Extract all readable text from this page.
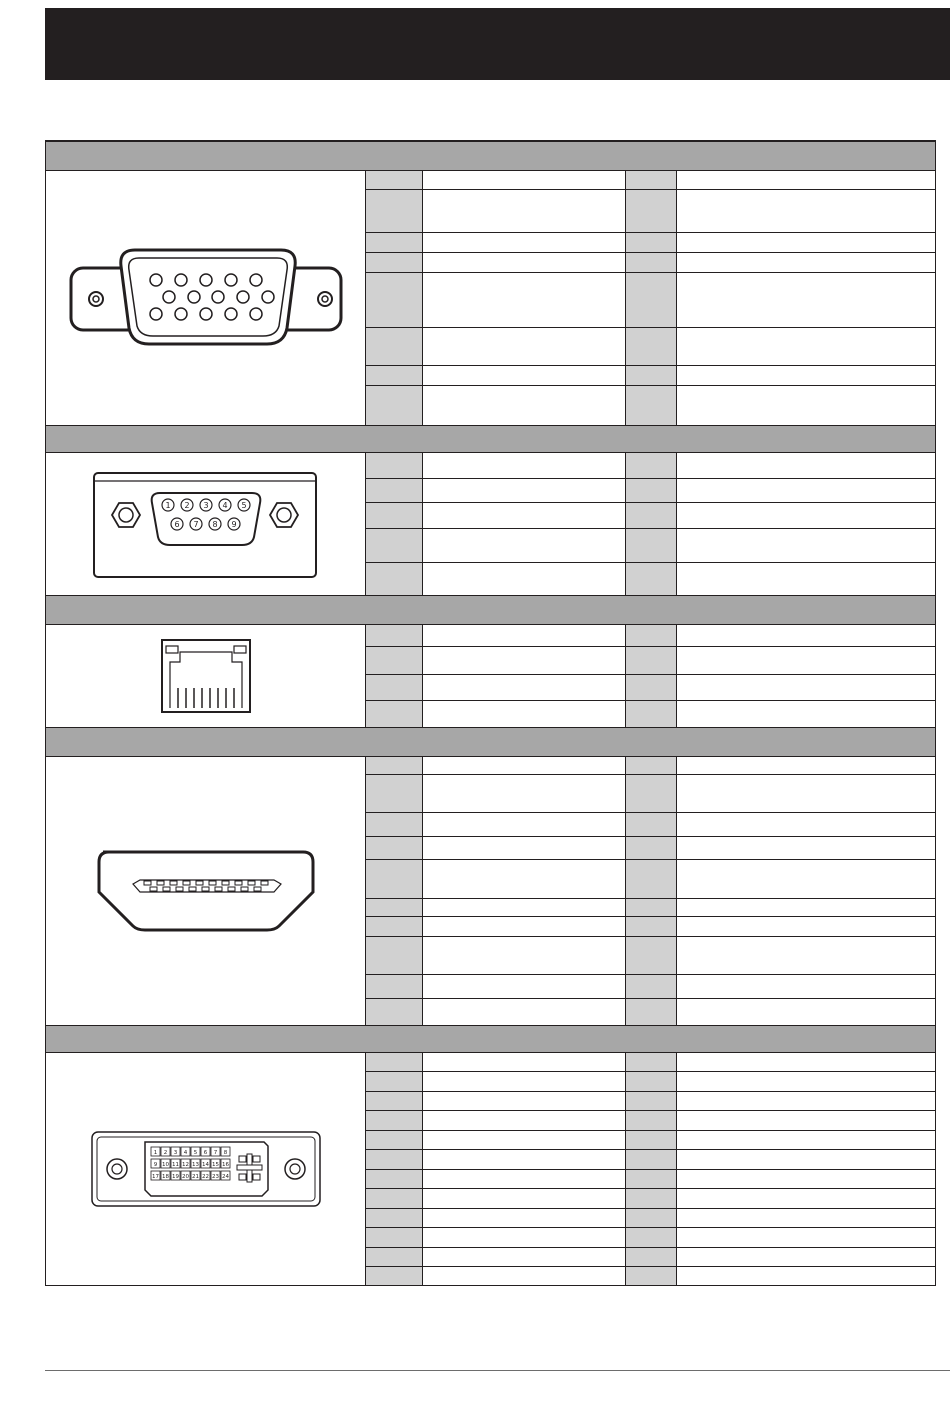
1 2 3 4 5
6 7 8 9
1 2 3 4 5 6 7 8
9 10 11 12 13 14 15 16
17 18 19 20 21 22 23 24
